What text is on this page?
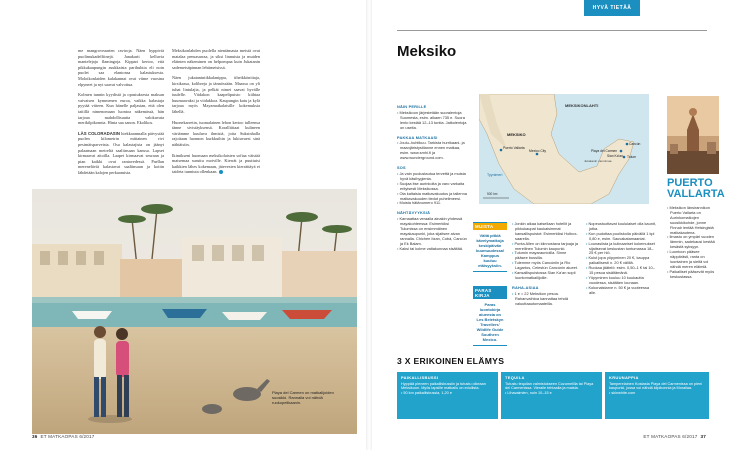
me mangroveaarten raviroja. Näen hyppiviä puolimukadelfiinejä. Janakarit kelluvia mantelejaja flamingoja. Kippari kertoo, että pikkukaupungin asukkaista parihuhtia eli noin puolet saa elantonsa kalastuksesta. Moloikonlaiden kalakannat ovat viime vuosina elpyneet ja nyt saavat valvottua.

Kolmen tunnin kyydistä ja opastuksesta maksan vaivaisen kymmenen euroa, vaikka kalastaja pyytää viiteen. Kun hänelle paljastan, että olen taiiillä nimenomaan luontoa näkemässä, hän tarjoaa mahdollisuutta valokuvata merikilpikonnia. Hinta saa sanon. Ekolikos.

LÄS COLORADASIN hiekkarannalla päivystää puolen kilometrin mittainen rivi pesimäisparveista. Osa kalastajista on jäänyt palaamaan meireltä saaliinsaan kanssa. Lapset kirmaavat aitoilla. Laapet kirmaavat seuraan ja pian kaikki ovat rantavedessä. Paellan mereneläviä kalastavat saaliinsaan ja kotiin lähdetään kalojen perkaamista.

Meksikonlahden puolella nientämasta meistä ovat matalaa pensasarraa, ja siksi linnuista ja muiden eläinten näkeminen on helpompaa kuin Jukatanin sademetsäpinnan lehtimetsissä.

Näen jukatanintikkalanippu, tiheikköniitaja, kirsikassa, kolibreja ja tännössään. Maassa on yli tuhat lintulajia, ja pelkät nimet saavat hyvälle tuulelle. Viidakon kaapelipuisto kiihtaa huumaavaksi ja viidakkoa. Kaupungin katu ja kylä tarjoaa myös Mayamatkalaisille kokemuksia lähellä.

Huonekarretin, tuomalainen lehon kertoo tulleensa tänne sivistäyksensä. Koralliittaat kulineen väriämme kuuluva ihmisiä, joita Suksinhalla rajoitaan luonnon kurkkuihin ja lukiuvaesi sinä nähtäisiin.

Ikimikseni huomaan meksikolaisten sofiaa väistää maisemaa suruttu moiville. Kierrät ja puuttuisi kaikkien lähes kokemaan, jätevesien kierrättäyä ei taideta tunniuta ollenkaan.

Playa del Carmen on matkalijoiden suosikki. Rannalla voi nähdä ruokopelikaanin.
36 ET MATKAOPAS 6/2017
HYVÄ TIETÄÄ
Meksiko
MEKSIKONLAHTI
MEKSIKO
Mexico City
Puerto Vallarta
Tyynimeri
Playa del Carmen
Cancún
Tulum
Sian Ka’an
Jukatanin niemimaa
500 km
NÄIN PERILLE
• Meksikoon järjestetään suoralentoja Suomesta, esim. alkaen 735 e. Suora lento kestää 12–13 tuntia. Jatkolentoja on useita.
PAKKAA MATKAASI
• Joulu–huhtikuu. Tarkista hurrikaani- ja maanjäristystilanne ennen matkaa, esim. www.smhi.fi ja www.wunderground.com.
SOS
• Ja vain puolustautua tervettä ja muista hyvä käsihygienia.
• Suojaa itse aurinkolta ja varo varkaita erityisesti Meksikossa.
• Ota kaltaisia matkavakuutus ja tallenna matkavakuuden tiedot puhelimeesi.
• Muista hätänumero 911.
NÄHTÄVYYKSIÄ
• Karnaattaa veraalla ainakin yhdessä mayakohteessa: Esimerkiksi Tulumissa on ensimmäinen mayakaupunki, joka sijaitsee aivan rannalla. Chichen Itzan, Cobá, Cancún ja Ek Balam.
• Kaksi tai kolme valtakunnaa sisältää.
MUISTA
Vältä pitkiä kävelymatkoja keskipäivän kuumuudessa! Kamppus kuuluu etäisyyksiin.
PARAS KIRJA
Paras luontokirja alueesta on Les Beletskyn Travellers’ Wildlife Guide Southern Mexico.
• Jonkin aikaa katsellaan hotellit ja pikkukaupat kaukaisimmat kansallispuistot: Esimerkiksi Holbox-saarella.
• Punta Allen on kiinnostava tarjoaja ja merellinen Tulumin kaupunki.
• Tulumin mayaraunioilla. Sinne pääsee bussilla.
• Tulemme myös Cancúniin ja Rio Lagartos, Celestún Cancúnin alueet.
• Kansallispuistossa Sian Ka’an sopii luontomatkailijoille.
RAHA-ASIAA
• 1 e = 22 Meksikon pesoa. Rahanvaihtoa kannattaa tehdä valuuttaautomaateilla.
• Nopeustuottavat koululaiset olla kaunit, jotka.
• Kun pudottaa puoliskolla päivällä 1 kpl 0,80 e, esim. Sauvakatamaaniat.
• Lounaslista ja kulinaariset kokemukset sijaitsevat keskustan tuntumassa 18–25 € per hlö.
• Kulut jopa yöpyminen 20 €, kauppa paikallisesti n. 20 € välillä.
• Ruokaa jäätelö: esim. 0,50–1 € tai 10–15 pesoa sisältämänä.
• Yöpyminen kuuluu 10 kuukautta vuodessa, sisältäen lounaan.
• Kokonaistarve n. 50 € ja vuoteessa alle.
PUERTO VALLARTA
• Meksikon länsirannikon Puerto Vallarta on Aurinkomatkojen suosikkikohde, jonne Finnair lentää Helsingistä matkakautena.
• Ilmasto on ympäri vuoden lämmin, sadekausi kestää kesästä syksyyn.
• Luontoon pääsee näppärästi, ranta on luontainen ja sieltä voi nähdä meren eläimiä.
• Paikalliset pääsevät myös keskustassa.
3 X ERIKOINEN ELÄMYS
PAIKALLISBUSSI
Hyppää pieneen paikallisbussiin ja tutustu oikeaan Meksikoon. Myös lapsille matkailu on edullista.
• 50 km paikallisbussia, 1,20 e
TEQUILA
Tutustu tequilan valmistukseen Cozumelilla tai Playa del Carmenissa. Vieraile tehtaalla ja maista.
• Lihavaimien, noin 10–15 e
KRUUNAPPIA
Tamperelainen Kostasta Playa del Carmenissa on pieni kaupunki, jossa voi nähdä kilpikonnia ja Moraliaa.
• skinwhite.com
ET MATKAOPAS 6/2017 37
